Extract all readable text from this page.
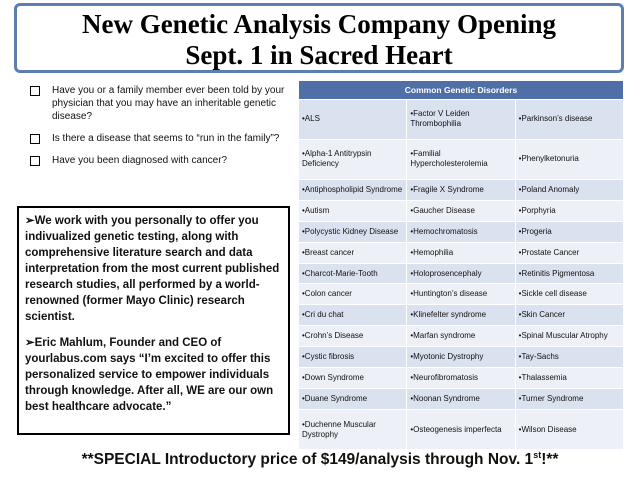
New Genetic Analysis Company Opening
Sept. 1 in Sacred Heart
Have you or a family member ever been told by your physician that you may have an inheritable genetic disease?
Is there a disease that seems to “run in the family”?
Have you been diagnosed with cancer?

➢We work with you personally to offer you indivualized genetic testing, along with comprehensive literature search and data interpretation from the most current published research studies, all performed by a world-renowned (former Mayo Clinic) research scientist.

➢Eric Mahlum, Founder and CEO of yourlabus.com says “I’m excited to offer this personalized service to empower individuals through knowledge. After all, WE are our own best healthcare advocate.”

Common Genetic Disorders		
•ALS	•Factor V Leiden Thrombophilia	•Parkinson’s disease
•Alpha-1 Antitrypsin Deficiency	•Familial Hypercholesterolemia	•Phenylketonuria
•Antiphospholipid Syndrome	•Fragile X Syndrome	•Poland Anomaly
•Autism	•Gaucher Disease	•Porphyria
•Polycystic Kidney Disease	•Hemochromatosis	•Progeria
•Breast cancer	•Hemophilia	•Prostate Cancer
•Charcot-Marie-Tooth	•Holoprosencephaly	•Retinitis Pigmentosa
•Colon cancer	•Huntington’s disease	•Sickle cell disease
•Cri du chat	•Klinefelter syndrome	•Skin Cancer
•Crohn’s Disease	•Marfan syndrome	•Spinal Muscular Atrophy
•Cystic fibrosis	•Myotonic Dystrophy	•Tay-Sachs
•Down Syndrome	•Neurofibromatosis	•Thalassemia
•Duane Syndrome	•Noonan Syndrome	•Turner Syndrome
•Duchenne Muscular Dystrophy	•Osteogenesis imperfecta	•Wilson Disease
**SPECIAL Introductory price of $149/analysis through Nov. 1st!**
